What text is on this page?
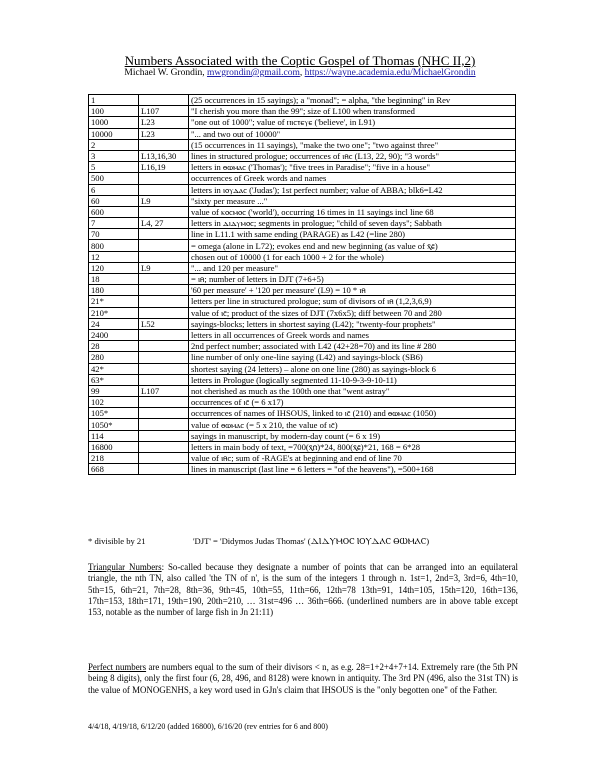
Numbers Associated with the Coptic Gospel of Thomas (NHC II,2)
Michael W. Grondin, mwgrondin@gmail.com, https://wayne.academia.edu/MichaelGrondin
1		(25 occurrences in 15 sayings); a "monad"; = alpha, "the beginning" in Rev
100	L107	"I cherish you more than the 99"; size of L100 when transformed
1000	L23	"one out of 1000"; value of ⲡⲓⲥⲧⲉⲩⲉ ('believe', in L91)
10000	L23	"... and two out of 10000"
2		(15 occurrences in 11 sayings), "make the two one"; "two against three"
3	L13,16,30	lines in structured prologue; occurrences of ⲓⲏ̄ⲥ (L13, 22, 90); "3 words"
5	L16,19	letters in ⲑⲱⲙⲁⲥ ('Thomas'); "five trees in Paradise"; "five in a house"
500		occurrences of Greek words and names
6		letters in ⲓⲟⲩⲇⲁⲥ ('Judas'); 1st perfect number; value of ABBA; blk6=L42
60	L9	"sixty per measure ..."
600		value of ⲕⲟⲥⲙⲟⲥ ('world'), occurring 16 times in 11 sayings incl line 68
7	L4, 27	letters in ⲇⲓⲇⲩⲙⲟⲥ; segments in prologue; "child of seven days"; Sabbath
70		line in L11.1 with same ending (PARAGE) as L42 (=line 280)
800		= omega (alone in L72); evokes end and new beginning (as value of ⲭ̄ⲉ̄)
12		chosen out of 10000 (1 for each 1000 + 2 for the whole)
120	L9	"... and 120 per measure"
18		= ⲓⲏ̄; number of letters in DJT (7+6+5)
180		'60 per measure' + '120 per measure' (L9) = 10 * ⲓⲏ̄
21*		letters per line in structured prologue; sum of divisors of ⲓⲏ̄ (1,2,3,6,9)
210*		value of ⲓⲥ̄; product of the sizes of DJT (7x6x5); diff between 70 and 280
24	L52	sayings-blocks; letters in shortest saying (L42); "twenty-four prophets"
2400		letters in all occurrences of Greek words and names
28		2nd perfect number; associated with L42 (42+28=70) and its line # 280
280		line number of only one-line saying (L42) and sayings-block (SB6)
42*		shortest saying (24 letters) – alone on one line (280) as sayings-block 6
63*		letters in Prologue (logically segmented 11-10-9-3-9-10-11)
99	L107	not cherished as much as the 100th one that "went astray"
102		occurrences of ⲓⲥ̄ (= 6 x17)
105*		occurrences of names of IHSOUS, linked to ⲓⲥ̄ (210) and ⲑⲱⲙⲁⲥ (1050)
1050*		value of ⲑⲱⲙⲁⲥ (= 5 x 210, the value of ⲓⲥ̄)
114		sayings in manuscript, by modern-day count (= 6 x 19)
16800		letters in main body of text, =700(ⲭ̄ⲡ̄)*24, 800(ⲭ̄ⲉ̄)*21, 168 = 6*28
218		value of ⲓⲏ̄ⲥ; sum of -RAGE's at beginning and end of line 70
668		lines in manuscript (last line = 6 letters = "of the heavens"), =500+168
* divisible by 21	'DJT' = 'Didymos Judas Thomas' (ⲆⲒⲆⲨⲘⲞⲤ ⲒⲞⲨⲆⲀⲤ ⲐⲰⲘⲀⲤ)
Triangular Numbers: So-called because they designate a number of points that can be arranged into an equilateral triangle, the nth TN, also called 'the TN of n', is the sum of the integers 1 through n. 1st=1, 2nd=3, 3rd=6, 4th=10, 5th=15, 6th=21, 7th=28, 8th=36, 9th=45, 10th=55, 11th=66, 12th=78 13th=91, 14th=105, 15th=120, 16th=136, 17th=153, 18th=171, 19th=190, 20th=210, … 31st=496 … 36th=666. (underlined numbers are in above table except 153, notable as the number of large fish in Jn 21:11)
Perfect numbers are numbers equal to the sum of their divisors < n, as e.g. 28=1+2+4+7+14. Extremely rare (the 5th PN being 8 digits), only the first four (6, 28, 496, and 8128) were known in antiquity. The 3rd PN (496, also the 31st TN) is the value of MONOGENHS, a key word used in GJn's claim that IHSOUS is the "only begotten one" of the Father.
4/4/18, 4/19/18, 6/12/20 (added 16800), 6/16/20 (rev entries for 6 and 800)
